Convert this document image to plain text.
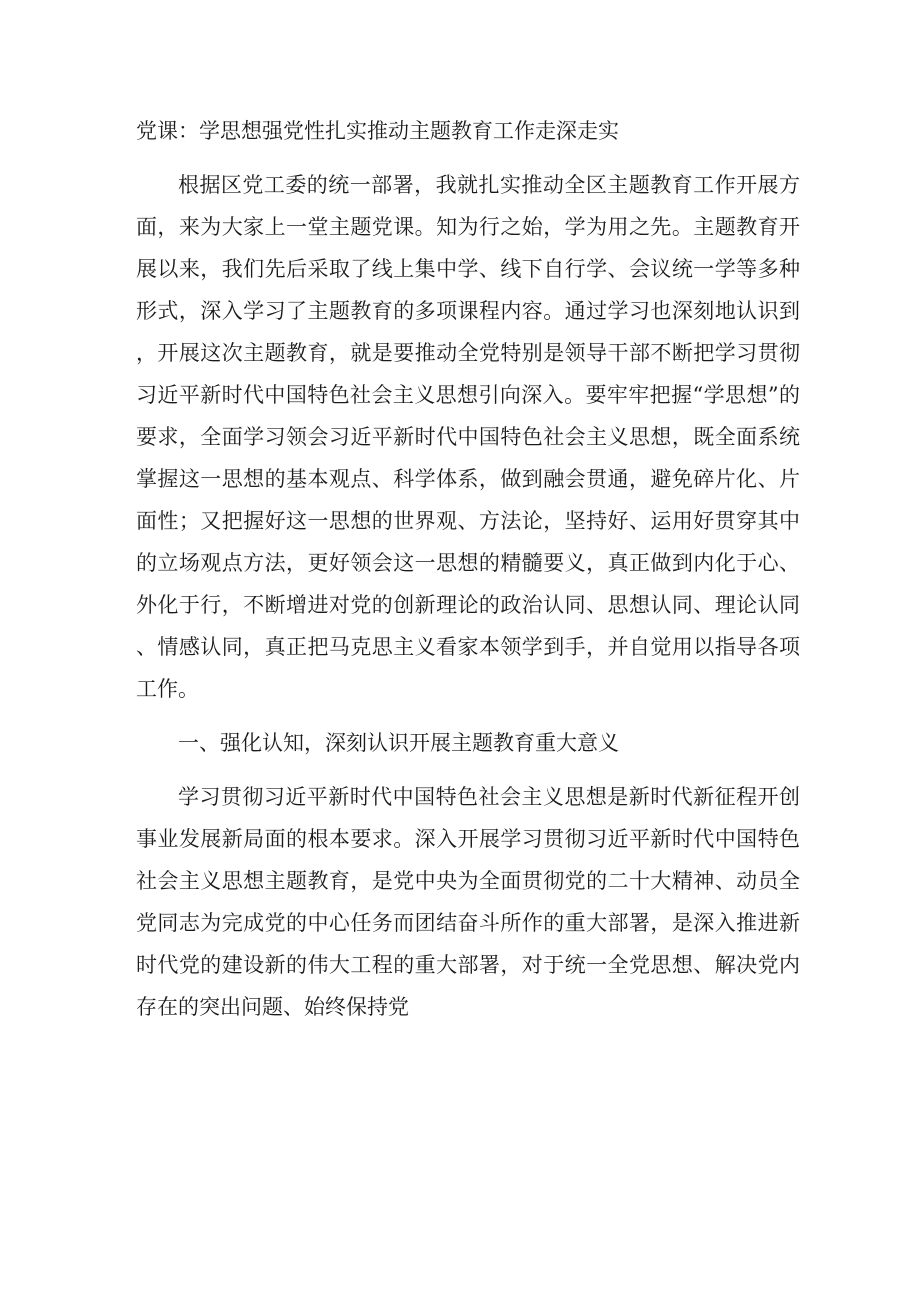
党课：学思想强党性扎实推动主题教育工作走深走实

根据区党工委的统一部署，我就扎实推动全区主题教育工作开展方面，来为大家上一堂主题党课。知为行之始，学为用之先。主题教育开展以来，我们先后采取了线上集中学、线下自行学、会议统一学等多种形式，深入学习了主题教育的多项课程内容。通过学习也深刻地认识到，开展这次主题教育，就是要推动全党特别是领导干部不断把学习贯彻习近平新时代中国特色社会主义思想引向深入。要牢牢把握“学思想”的要求，全面学习领会习近平新时代中国特色社会主义思想，既全面系统掌握这一思想的基本观点、科学体系，做到融会贯通，避免碎片化、片面性；又把握好这一思想的世界观、方法论，坚持好、运用好贯穿其中的立场观点方法，更好领会这一思想的精髓要义，真正做到内化于心、外化于行，不断增进对党的创新理论的政治认同、思想认同、理论认同、情感认同，真正把马克思主义看家本领学到手，并自觉用以指导各项工作。

一、强化认知，深刻认识开展主题教育重大意义

学习贯彻习近平新时代中国特色社会主义思想是新时代新征程开创事业发展新局面的根本要求。深入开展学习贯彻习近平新时代中国特色社会主义思想主题教育，是党中央为全面贯彻党的二十大精神、动员全党同志为完成党的中心任务而团结奋斗所作的重大部署，是深入推进新时代党的建设新的伟大工程的重大部署，对于统一全党思想、解决党内存在的突出问题、始终保持党
